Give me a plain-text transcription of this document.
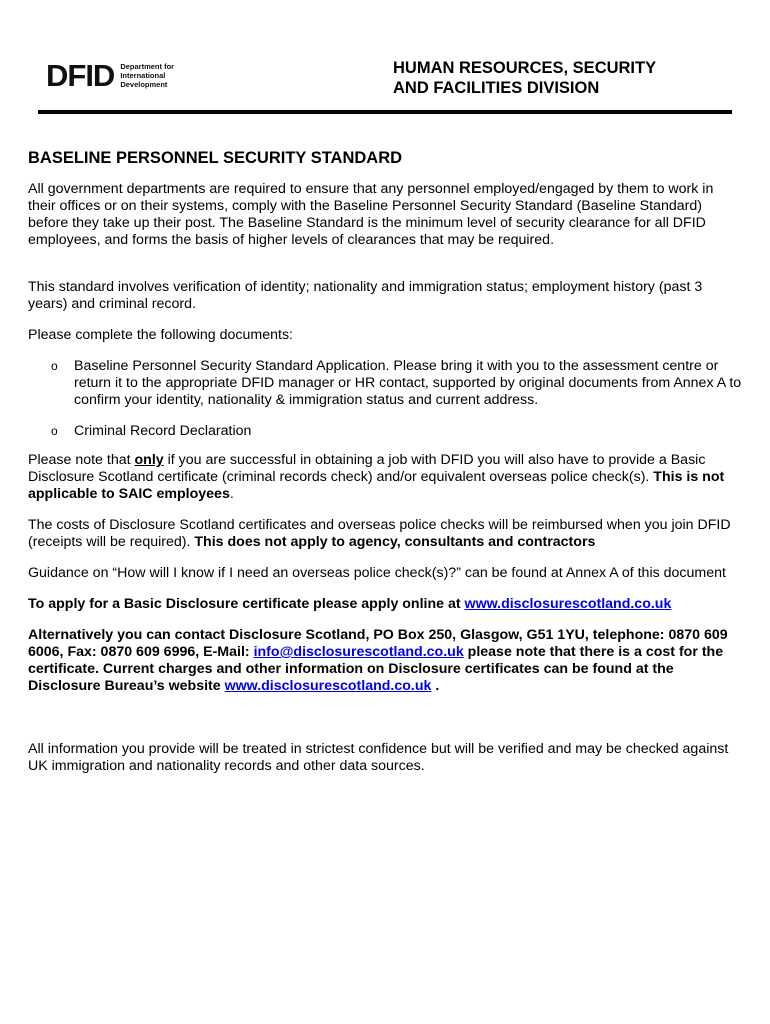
DFID Department for
International
Development
HUMAN RESOURCES, SECURITY
AND FACILITIES DIVISION
BASELINE PERSONNEL SECURITY STANDARD

All government departments are required to ensure that any personnel employed/engaged by them to work in their offices or on their systems, comply with the Baseline Personnel Security Standard (Baseline Standard) before they take up their post. The Baseline Standard is the minimum level of security clearance for all DFID employees, and forms the basis of higher levels of clearances that may be required.

This standard involves verification of identity; nationality and immigration status; employment history (past 3 years) and criminal record.

Please complete the following documents:

o Baseline Personnel Security Standard Application. Please bring it with you to the assessment centre or return it to the appropriate DFID manager or HR contact, supported by original documents from Annex A to confirm your identity, nationality & immigration status and current address.
o Criminal Record Declaration

Please note that only if you are successful in obtaining a job with DFID you will also have to provide a Basic Disclosure Scotland certificate (criminal records check) and/or equivalent overseas police check(s). This is not applicable to SAIC employees.

The costs of Disclosure Scotland certificates and overseas police checks will be reimbursed when you join DFID (receipts will be required). This does not apply to agency, consultants and contractors

Guidance on “How will I know if I need an overseas police check(s)?” can be found at Annex A of this document

To apply for a Basic Disclosure certificate please apply online at www.disclosurescotland.co.uk

Alternatively you can contact Disclosure Scotland, PO Box 250, Glasgow, G51 1YU, telephone: 0870 609 6006, Fax: 0870 609 6996, E-Mail: info@disclosurescotland.co.uk please note that there is a cost for the certificate. Current charges and other information on Disclosure certificates can be found at the Disclosure Bureau’s website www.disclosurescotland.co.uk .

All information you provide will be treated in strictest confidence but will be verified and may be checked against UK immigration and nationality records and other data sources.
